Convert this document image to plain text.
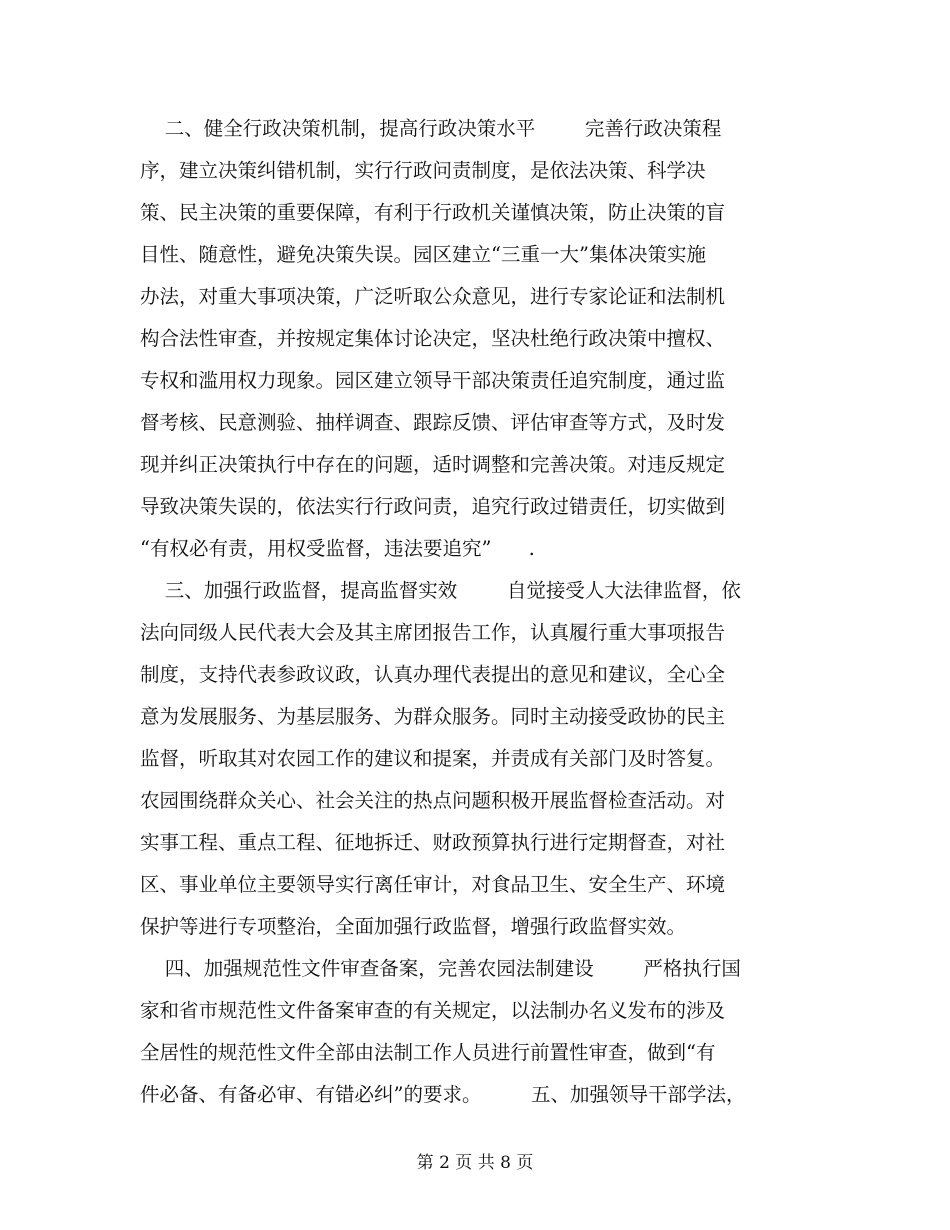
二、健全行政决策机制，提高行政决策水平        完善行政决策程
序，建立决策纠错机制，实行行政问责制度，是依法决策、科学决
策、民主决策的重要保障，有利于行政机关谨慎决策，防止决策的盲
目性、随意性，避免决策失误。园区建立“三重一大”集体决策实施
办法，对重大事项决策，广泛听取公众意见，进行专家论证和法制机
构合法性审查，并按规定集体讨论决定，坚决杜绝行政决策中擅权、
专权和滥用权力现象。园区建立领导干部决策责任追究制度，通过监
督考核、民意测验、抽样调查、跟踪反馈、评估审查等方式，及时发
现并纠正决策执行中存在的问题，适时调整和完善决策。对违反规定
导致决策失误的，依法实行行政问责，追究行政过错责任，切实做到
“有权必有责，用权受监督，违法要追究”      .
三、加强行政监督，提高监督实效        自觉接受人大法律监督，依
法向同级人民代表大会及其主席团报告工作，认真履行重大事项报告
制度，支持代表参政议政，认真办理代表提出的意见和建议，全心全
意为发展服务、为基层服务、为群众服务。同时主动接受政协的民主
监督，听取其对农园工作的建议和提案，并责成有关部门及时答复。
农园围绕群众关心、社会关注的热点问题积极开展监督检查活动。对
实事工程、重点工程、征地拆迁、财政预算执行进行定期督查，对社
区、事业单位主要领导实行离任审计，对食品卫生、安全生产、环境
保护等进行专项整治，全面加强行政监督，增强行政监督实效。
四、加强规范性文件审查备案，完善农园法制建设        严格执行国
家和省市规范性文件备案审查的有关规定，以法制办名义发布的涉及
全居性的规范性文件全部由法制工作人员进行前置性审查，做到“有
件必备、有备必审、有错必纠”的要求。        五、加强领导干部学法，
第 2 页 共 8 页
